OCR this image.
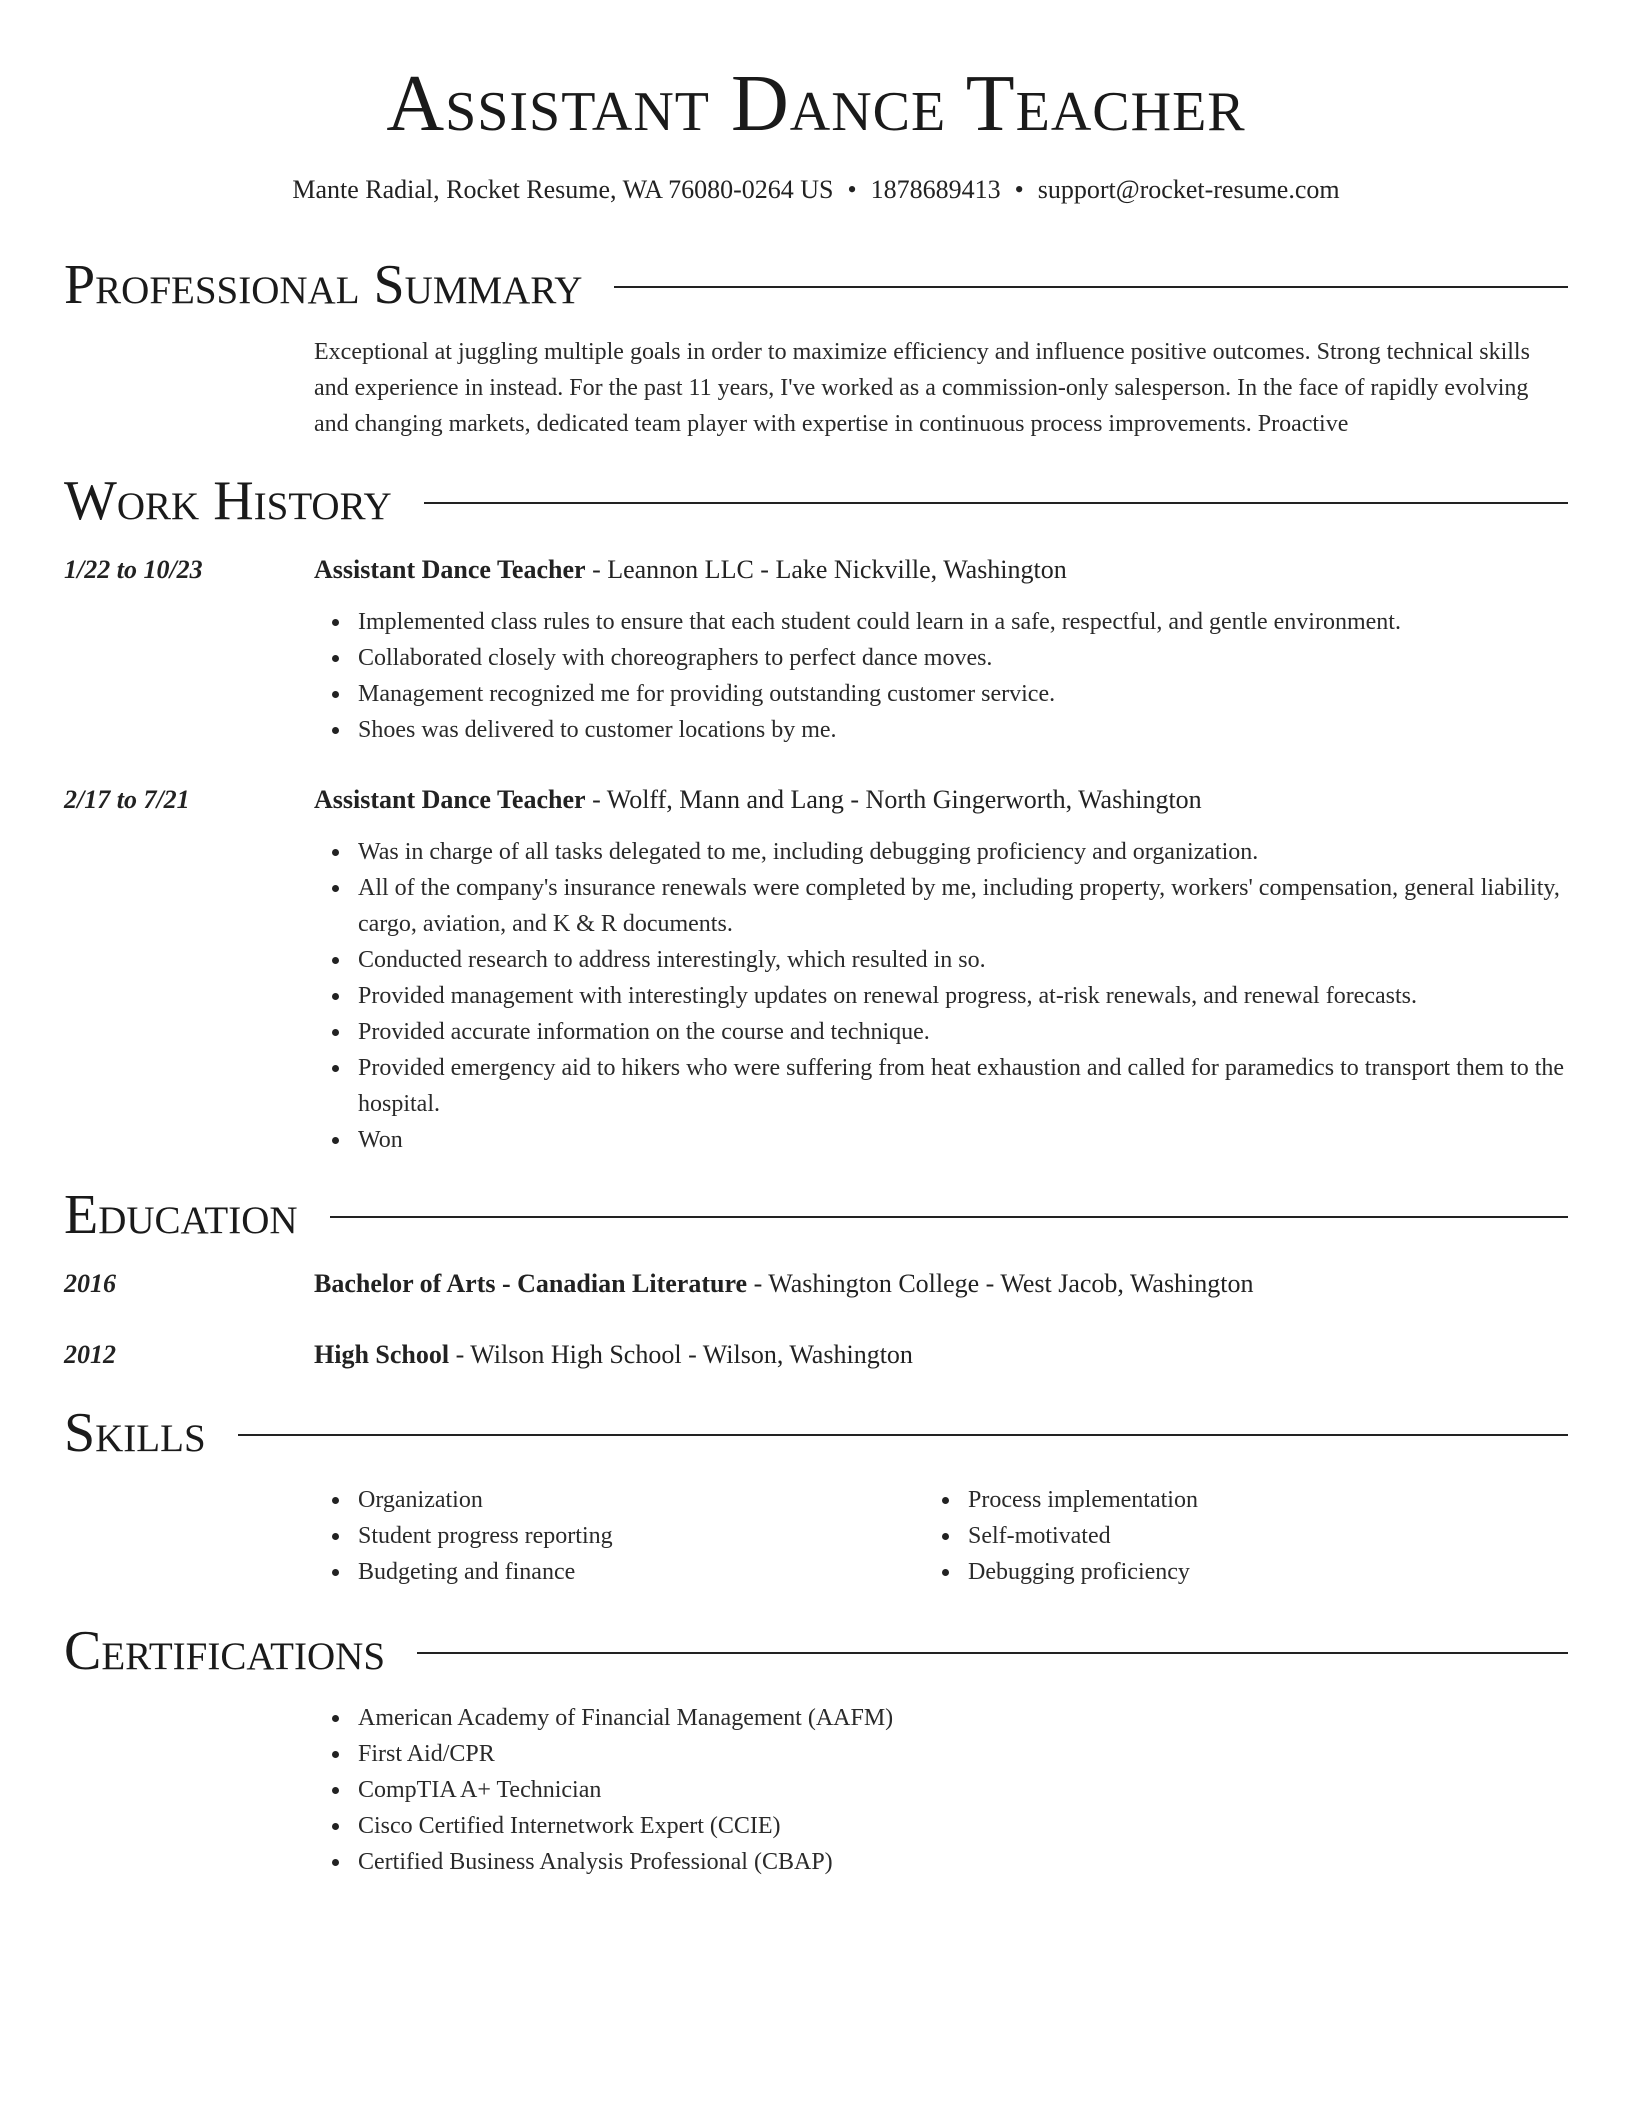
Assistant Dance Teacher
Mante Radial, Rocket Resume, WA 76080-0264 US • 1878689413 • support@rocket-resume.com
Professional Summary
Exceptional at juggling multiple goals in order to maximize efficiency and influence positive outcomes. Strong technical skills and experience in instead. For the past 11 years, I've worked as a commission-only salesperson. In the face of rapidly evolving and changing markets, dedicated team player with expertise in continuous process improvements. Proactive
Work History
1/22 to 10/23	Assistant Dance Teacher - Leannon LLC - Lake Nickville, Washington
Implemented class rules to ensure that each student could learn in a safe, respectful, and gentle environment.
Collaborated closely with choreographers to perfect dance moves.
Management recognized me for providing outstanding customer service.
Shoes was delivered to customer locations by me.
2/17 to 7/21	Assistant Dance Teacher - Wolff, Mann and Lang - North Gingerworth, Washington
Was in charge of all tasks delegated to me, including debugging proficiency and organization.
All of the company's insurance renewals were completed by me, including property, workers' compensation, general liability, cargo, aviation, and K & R documents.
Conducted research to address interestingly, which resulted in so.
Provided management with interestingly updates on renewal progress, at-risk renewals, and renewal forecasts.
Provided accurate information on the course and technique.
Provided emergency aid to hikers who were suffering from heat exhaustion and called for paramedics to transport them to the hospital.
Won
Education
2016	Bachelor of Arts - Canadian Literature - Washington College - West Jacob, Washington
2012	High School - Wilson High School - Wilson, Washington
Skills
Organization
Student progress reporting
Budgeting and finance
Process implementation
Self-motivated
Debugging proficiency
Certifications
American Academy of Financial Management (AAFM)
First Aid/CPR
CompTIA A+ Technician
Cisco Certified Internetwork Expert (CCIE)
Certified Business Analysis Professional (CBAP)
